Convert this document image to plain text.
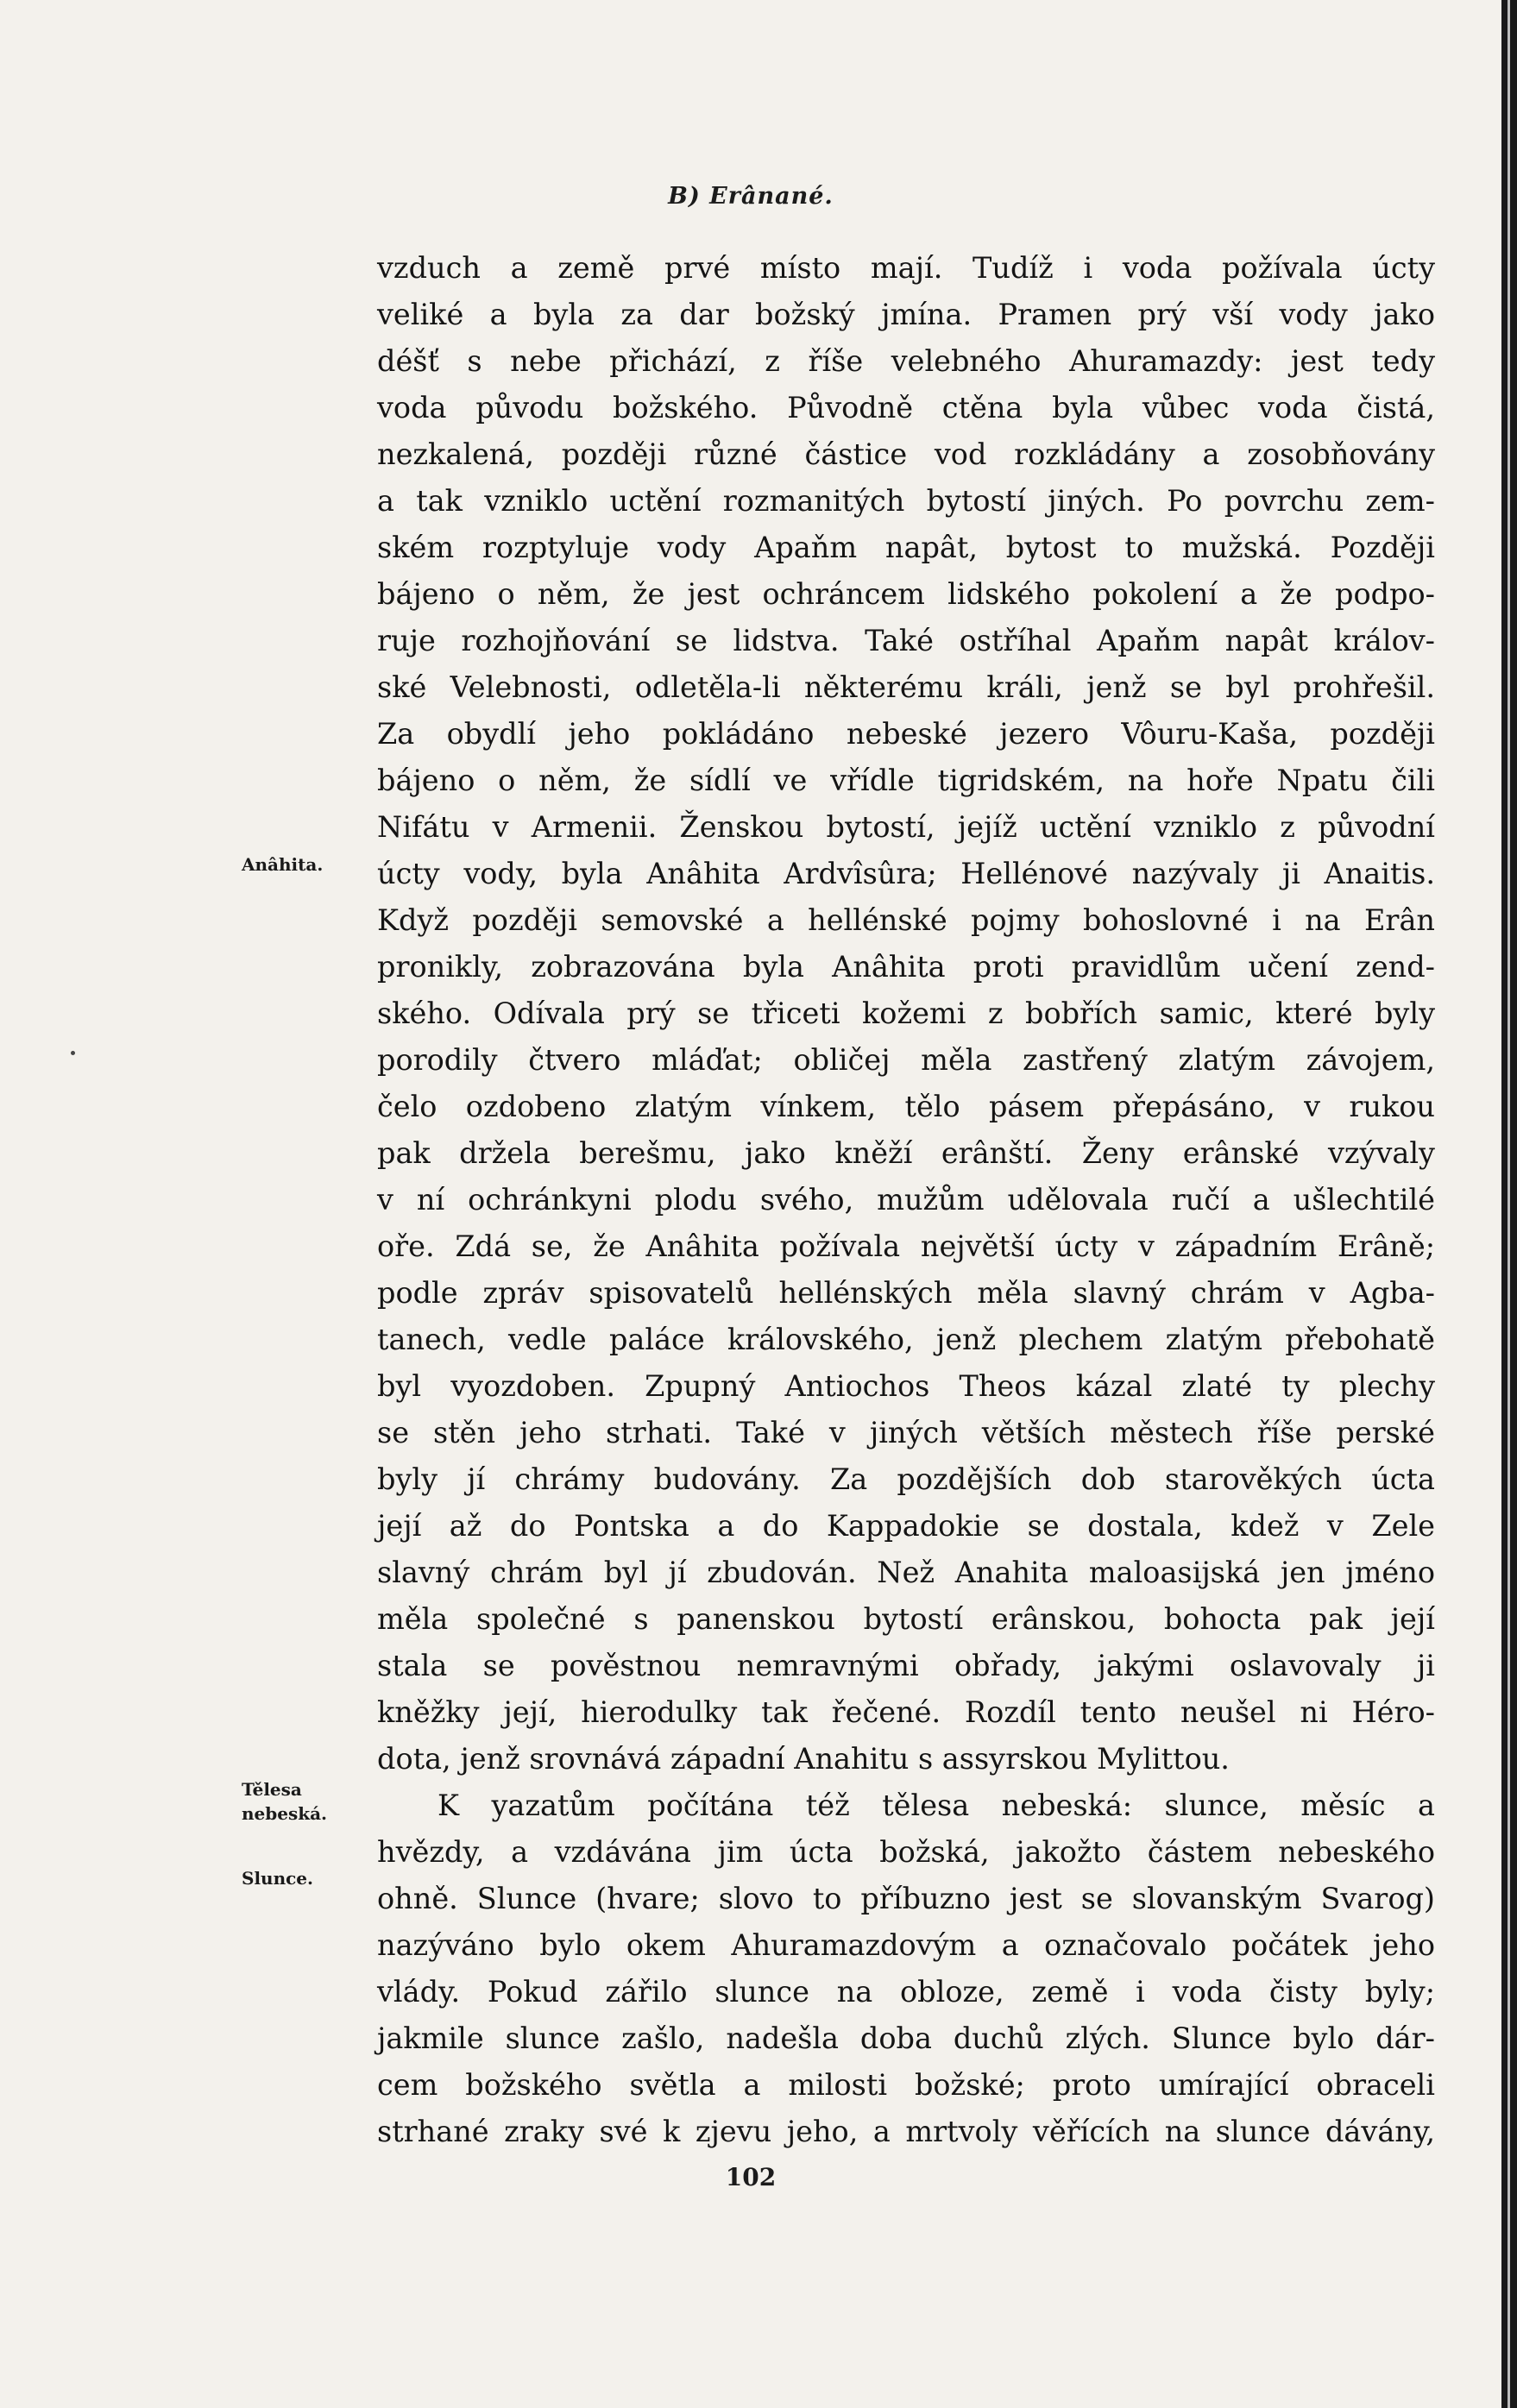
B) Erânané.
vzduch a země prvé místo mají. Tudíž i voda požívala úcty
veliké a byla za dar božský jmína. Pramen prý vší vody jako
déšť s nebe přichází, z říše velebného Ahuramazdy: jest tedy
voda původu božského. Původně ctěna byla vůbec voda čistá,
nezkalená, později různé částice vod rozkládány a zosobňovány
a tak vzniklo uctění rozmanitých bytostí jiných. Po povrchu zem-
ském rozptyluje vody Apaňm napât, bytost to mužská. Později
bájeno o něm, že jest ochráncem lidského pokolení a že podpo-
ruje rozhojňování se lidstva. Také ostříhal Apaňm napât králov-
ské Velebnosti, odletěla-li některému králi, jenž se byl prohřešil.
Za obydlí jeho pokládáno nebeské jezero Vôuru-Kaša, později
bájeno o něm, že sídlí ve vřídle tigridském, na hoře Npatu čili
Nifátu v Armenii. Ženskou bytostí, jejíž uctění vzniklo z původní
úcty vody, byla Anâhita Ardvîsûra; Hellénové nazývaly ji Anaitis.
Když později semovské a hellénské pojmy bohoslovné i na Erân
pronikly, zobrazována byla Anâhita proti pravidlům učení zend-
ského. Odívala prý se třiceti kožemi z bobřích samic, které byly
porodily čtvero mláďat; obličej měla zastřený zlatým závojem,
čelo ozdobeno zlatým vínkem, tělo pásem přepásáno, v rukou
pak držela berešmu, jako kněží erânští. Ženy erânské vzývaly
v ní ochránkyni plodu svého, mužům udělovala ručí a ušlechtilé
oře. Zdá se, že Anâhita požívala největší úcty v západním Erâně;
podle zpráv spisovatelů hellénských měla slavný chrám v Agba-
tanech, vedle paláce královského, jenž plechem zlatým přebohatě
byl vyozdoben. Zpupný Antiochos Theos kázal zlaté ty plechy
se stěn jeho strhati. Také v jiných větších městech říše perské
byly jí chrámy budovány. Za pozdějších dob starověkých úcta
její až do Pontska a do Kappadokie se dostala, kdež v Zele
slavný chrám byl jí zbudován. Než Anahita maloasijská jen jméno
měla společné s panenskou bytostí erânskou, bohocta pak její
stala se pověstnou nemravnými obřady, jakými oslavovaly ji
kněžky její, hierodulky tak řečené. Rozdíl tento neušel ni Héro-
dota, jenž srovnává západní Anahitu s assyrskou Mylittou.
K yazatům počítána též tělesa nebeská: slunce, měsíc a
hvězdy, a vzdávána jim úcta božská, jakožto částem nebeského
ohně. Slunce (hvare; slovo to příbuzno jest se slovanským Svarog)
nazýváno bylo okem Ahuramazdovým a označovalo počátek jeho
vlády. Pokud zářilo slunce na obloze, země i voda čisty byly;
jakmile slunce zašlo, nadešla doba duchů zlých. Slunce bylo dár-
cem božského světla a milosti božské; proto umírající obraceli
strhané zraky své k zjevu jeho, a mrtvoly věřících na slunce dávány,
Anâhita.
Tělesa nebeská.
Slunce.
102
